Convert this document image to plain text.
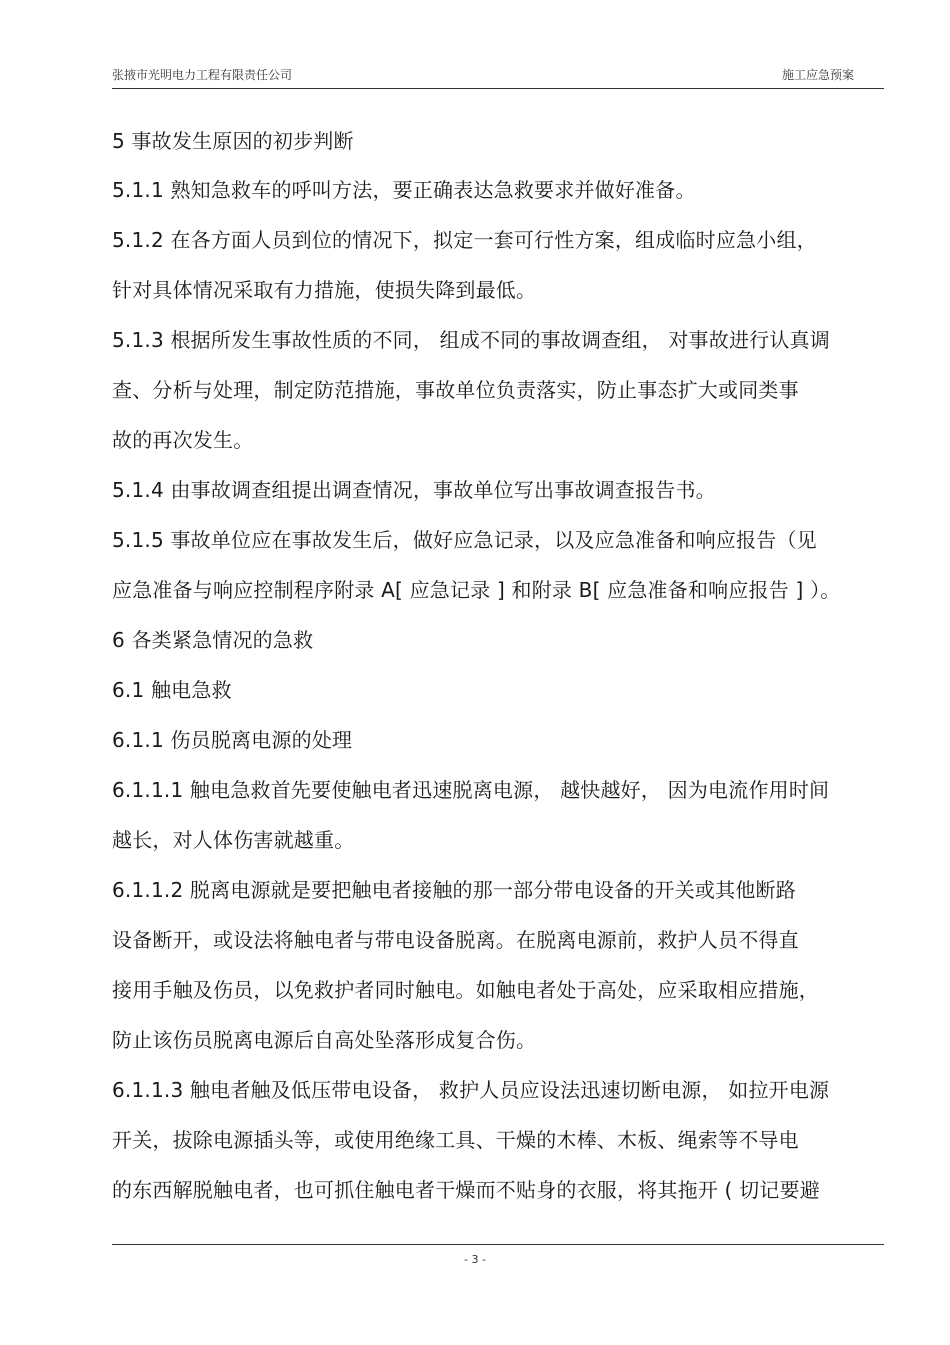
张掖市光明电力工程有限责任公司	施工应急预案
5 事故发生原因的初步判断
5.1.1 熟知急救车的呼叫方法，要正确表达急救要求并做好准备。
5.1.2 在各方面人员到位的情况下，拟定一套可行性方案，组成临时应急小组，
针对具体情况采取有力措施，使损失降到最低。
5.1.3 根据所发生事故性质的不同， 组成不同的事故调查组， 对事故进行认真调
查、分析与处理，制定防范措施，事故单位负责落实，防止事态扩大或同类事
故的再次发生。
5.1.4 由事故调查组提出调查情况，事故单位写出事故调查报告书。
5.1.5 事故单位应在事故发生后，做好应急记录，以及应急准备和响应报告（见
应急准备与响应控制程序附录 A[ 应急记录 ] 和附录 B[ 应急准备和响应报告 ] ）。
6 各类紧急情况的急救
6.1 触电急救
6.1.1 伤员脱离电源的处理
6.1.1.1 触电急救首先要使触电者迅速脱离电源， 越快越好， 因为电流作用时间
越长，对人体伤害就越重。
6.1.1.2 脱离电源就是要把触电者接触的那一部分带电设备的开关或其他断路
设备断开，或设法将触电者与带电设备脱离。在脱离电源前，救护人员不得直
接用手触及伤员，以免救护者同时触电。如触电者处于高处，应采取相应措施，
防止该伤员脱离电源后自高处坠落形成复合伤。
6.1.1.3 触电者触及低压带电设备， 救护人员应设法迅速切断电源， 如拉开电源
开关，拔除电源插头等，或使用绝缘工具、干燥的木棒、木板、绳索等不导电
的东西解脱触电者，也可抓住触电者干燥而不贴身的衣服，将其拖开 ( 切记要避
- 3 -
